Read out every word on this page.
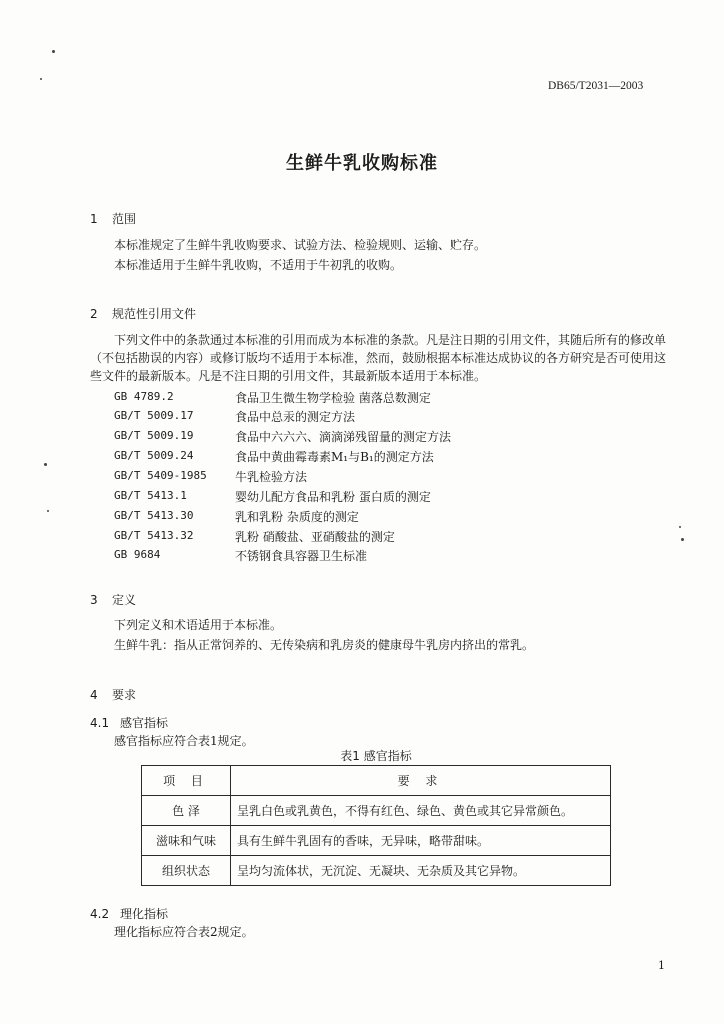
DB65/T2031—2003
生鲜牛乳收购标准
1 范围
本标准规定了生鲜牛乳收购要求、试验方法、检验规则、运输、贮存。
本标准适用于生鲜牛乳收购，不适用于牛初乳的收购。
2 规范性引用文件
下列文件中的条款通过本标准的引用而成为本标准的条款。凡是注日期的引用文件，其随后所有的修改单（不包括勘误的内容）或修订版均不适用于本标准，然而，鼓励根据本标准达成协议的各方研究是否可使用这些文件的最新版本。凡是不注日期的引用文件，其最新版本适用于本标准。
GB 4789.2	食品卫生微生物学检验 菌落总数测定
GB/T 5009.17	食品中总汞的测定方法
GB/T 5009.19	食品中六六六、滴滴涕残留量的测定方法
GB/T 5009.24	食品中黄曲霉毒素M₁与B₁的测定方法
GB/T 5409-1985 牛乳检验方法
GB/T 5413.1	婴幼儿配方食品和乳粉 蛋白质的测定
GB/T 5413.30	乳和乳粉 杂质度的测定
GB/T 5413.32	乳粉 硝酸盐、亚硝酸盐的测定
GB 9684	不锈钢食具容器卫生标准
3 定义
下列定义和术语适用于本标准。
生鲜牛乳：指从正常饲养的、无传染病和乳房炎的健康母牛乳房内挤出的常乳。
4 要求
4.1 感官指标
感官指标应符合表1规定。
表1 感官指标
项 目	要 求
色 泽	呈乳白色或乳黄色，不得有红色、绿色、黄色或其它异常颜色。
滋味和气味	具有生鲜牛乳固有的香味，无异味，略带甜味。
组织状态	呈均匀流体状，无沉淀、无凝块、无杂质及其它异物。
4.2 理化指标
理化指标应符合表2规定。
1
